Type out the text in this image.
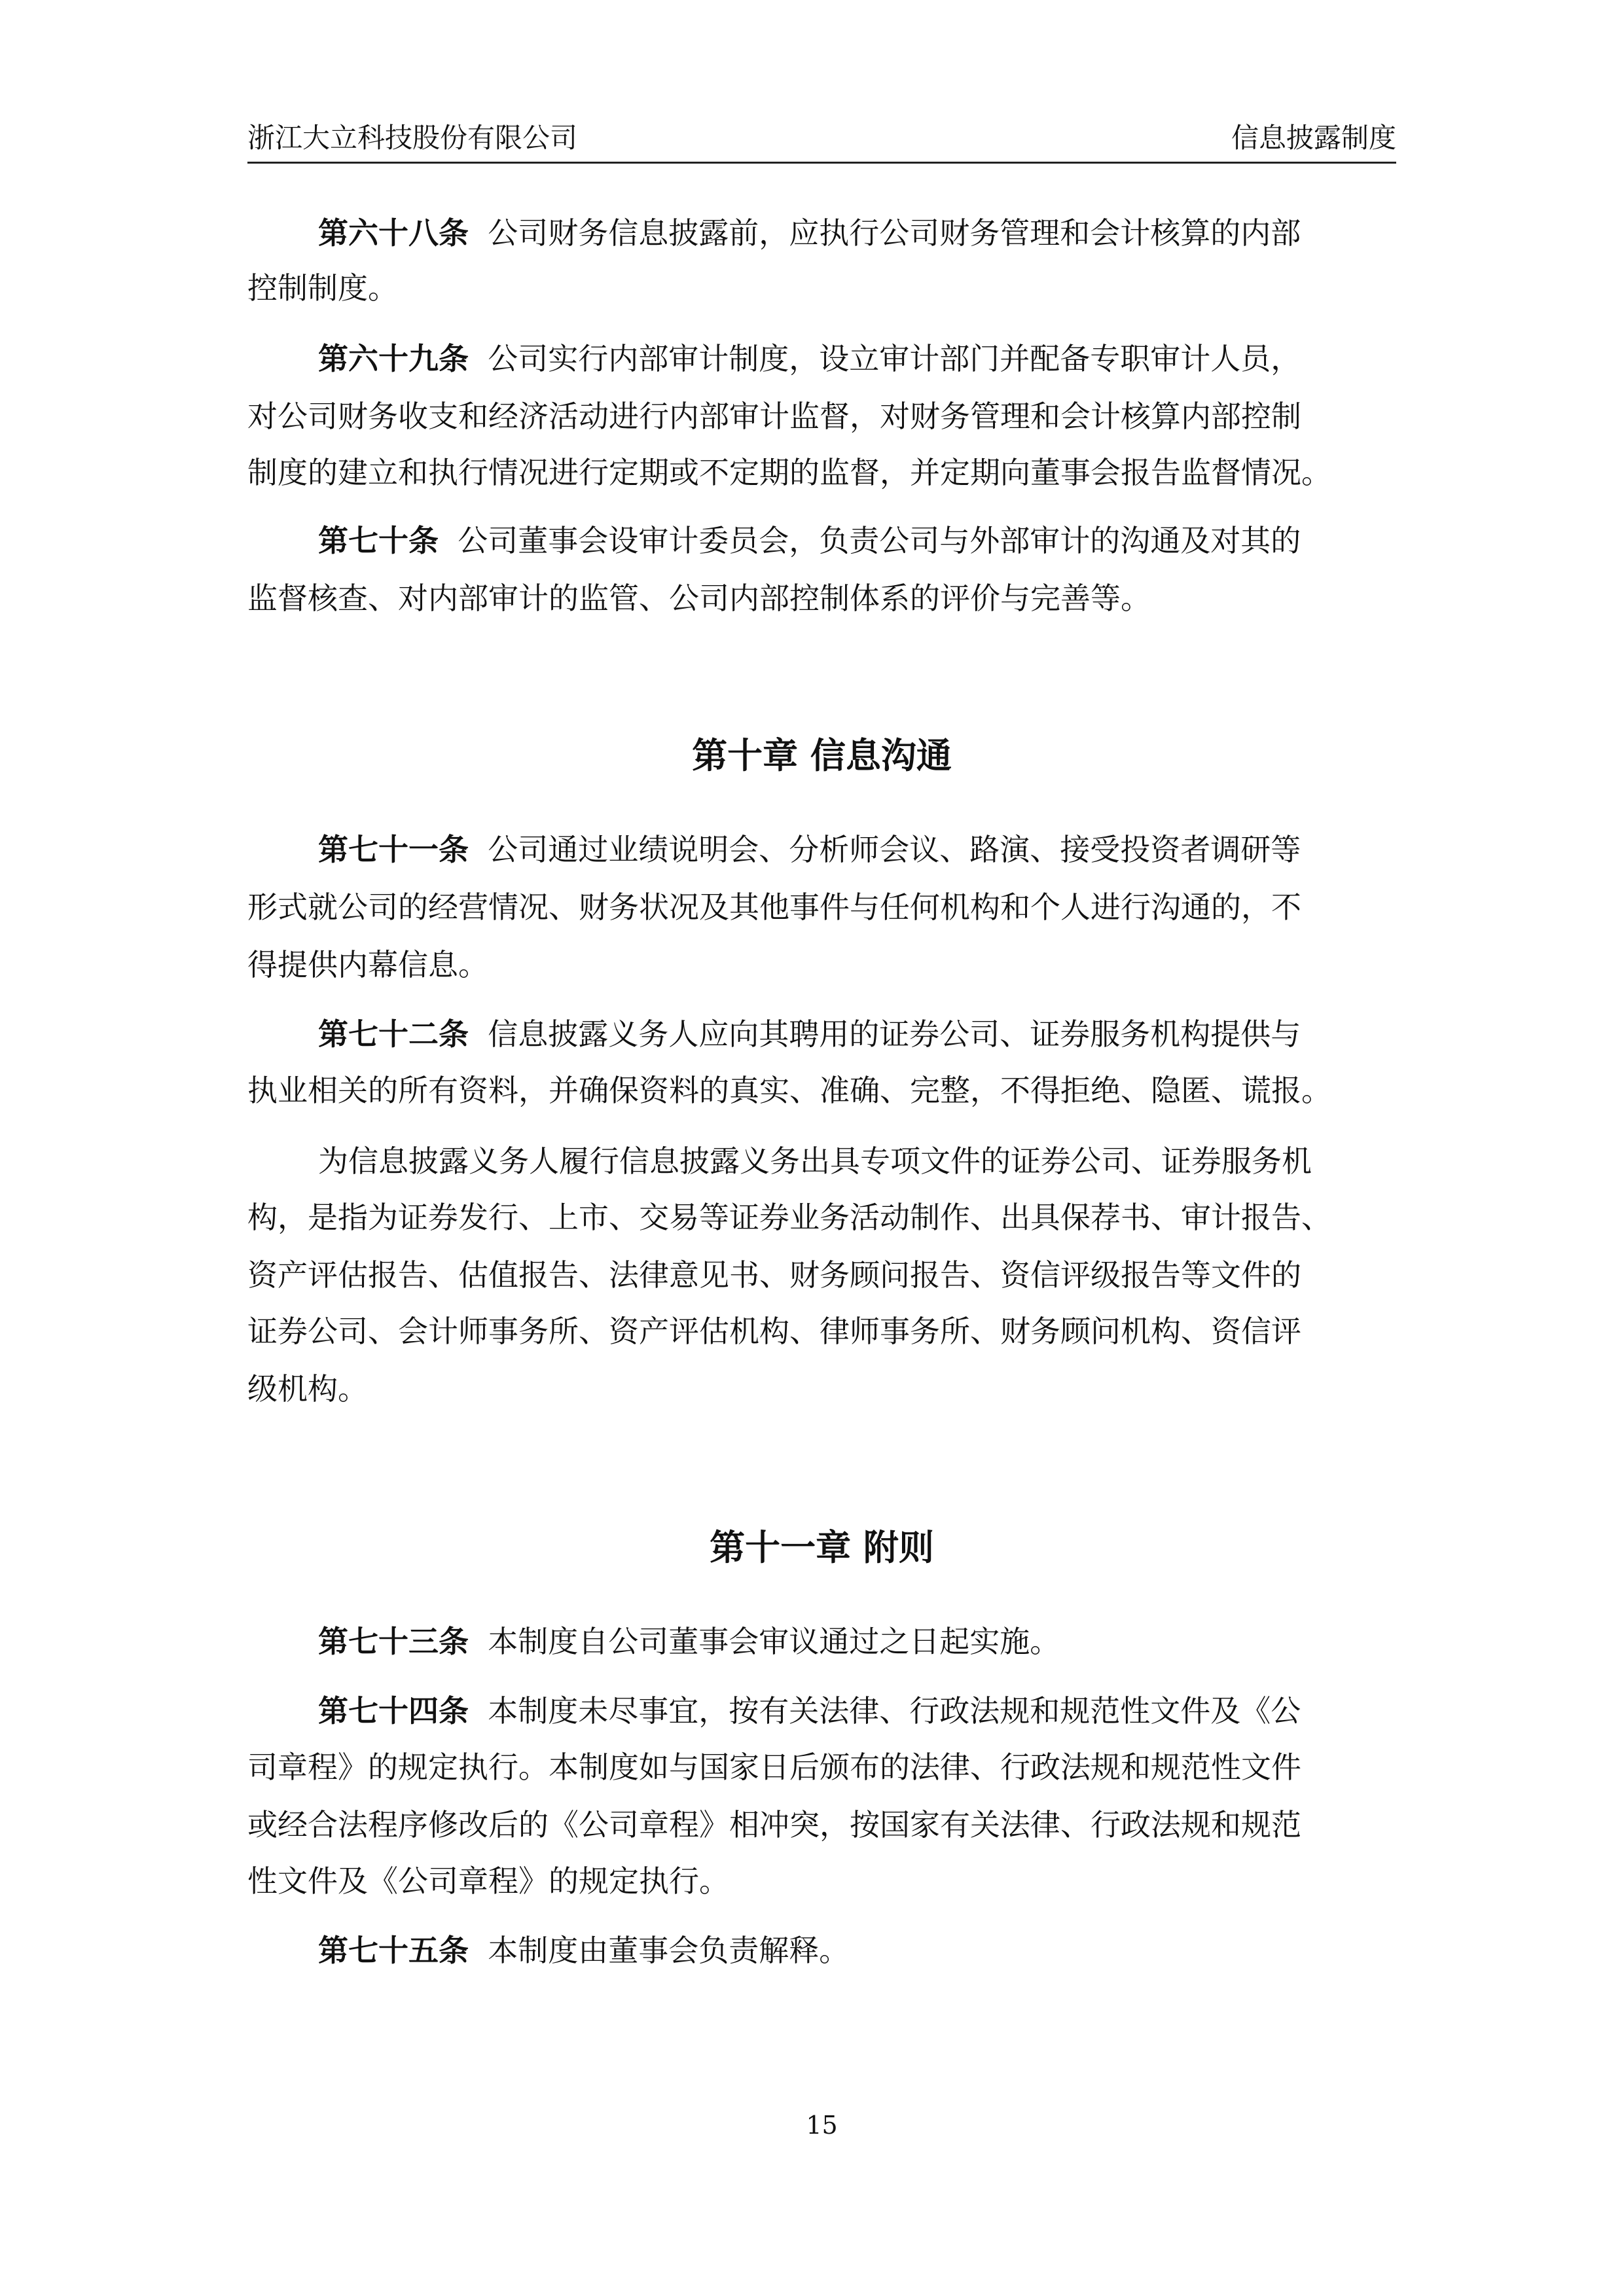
浙江大立科技股份有限公司	信息披露制度
第六十八条 公司财务信息披露前，应执行公司财务管理和会计核算的内部
控制制度。
第六十九条 公司实行内部审计制度，设立审计部门并配备专职审计人员，
对公司财务收支和经济活动进行内部审计监督，对财务管理和会计核算内部控制
制度的建立和执行情况进行定期或不定期的监督，并定期向董事会报告监督情况。
第七十条 公司董事会设审计委员会，负责公司与外部审计的沟通及对其的
监督核查、对内部审计的监管、公司内部控制体系的评价与完善等。
第十章 信息沟通
第七十一条 公司通过业绩说明会、分析师会议、路演、接受投资者调研等
形式就公司的经营情况、财务状况及其他事件与任何机构和个人进行沟通的，不
得提供内幕信息。
第七十二条 信息披露义务人应向其聘用的证券公司、证券服务机构提供与
执业相关的所有资料，并确保资料的真实、准确、完整，不得拒绝、隐匿、谎报。
为信息披露义务人履行信息披露义务出具专项文件的证券公司、证券服务机
构，是指为证券发行、上市、交易等证券业务活动制作、出具保荐书、审计报告、
资产评估报告、估值报告、法律意见书、财务顾问报告、资信评级报告等文件的
证券公司、会计师事务所、资产评估机构、律师事务所、财务顾问机构、资信评
级机构。
第十一章 附则
第七十三条 本制度自公司董事会审议通过之日起实施。
第七十四条 本制度未尽事宜，按有关法律、行政法规和规范性文件及《公
司章程》的规定执行。本制度如与国家日后颁布的法律、行政法规和规范性文件
或经合法程序修改后的《公司章程》相冲突，按国家有关法律、行政法规和规范
性文件及《公司章程》的规定执行。
第七十五条 本制度由董事会负责解释。
15
